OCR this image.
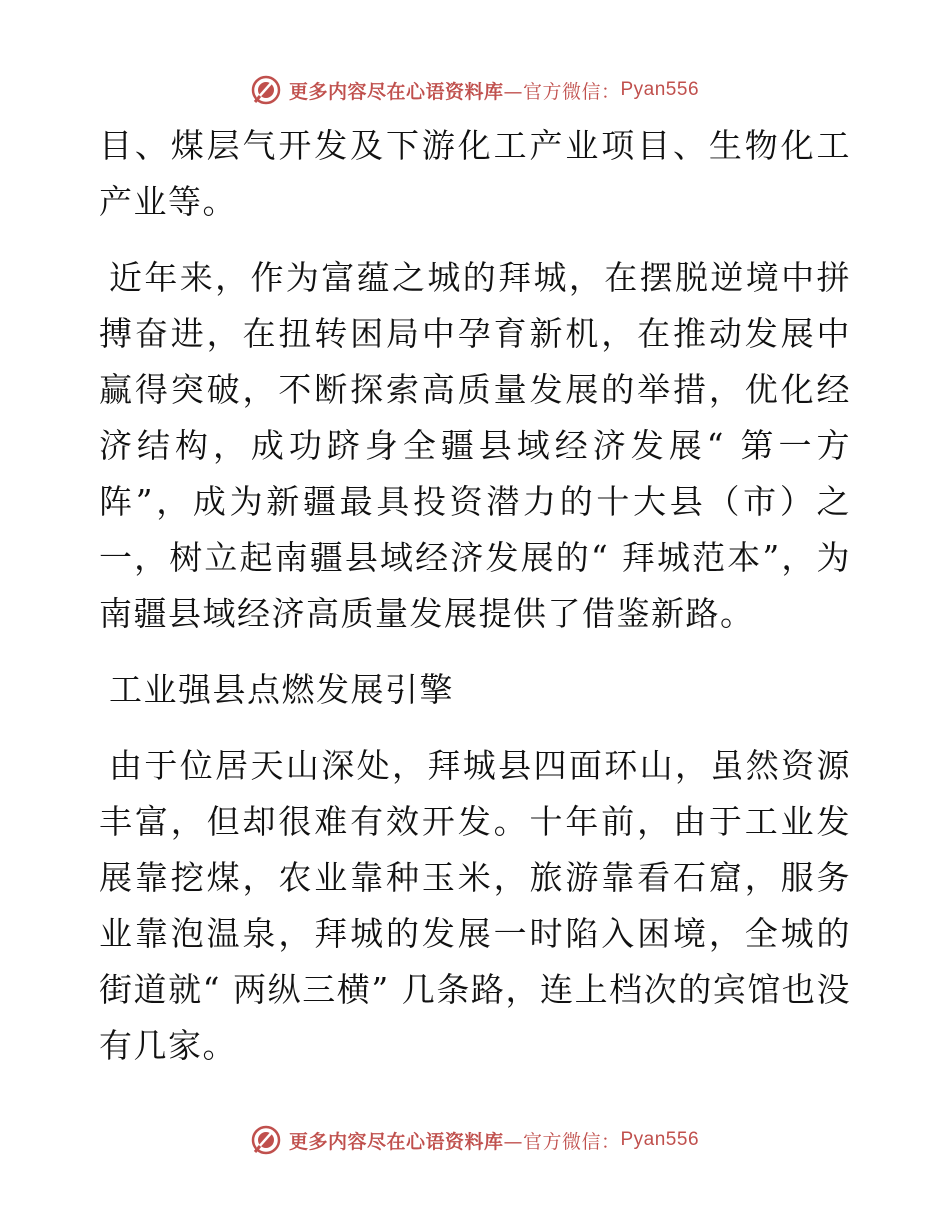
更多内容尽在心语资料库 —官方微信： Pyan556

目、煤层气开发及下游化工产业项目、生物化工产业等。

近年来，作为富蕴之城的拜城，在摆脱逆境中拼搏奋进，在扭转困局中孕育新机，在推动发展中赢得突破，不断探索高质量发展的举措，优化经济结构，成功跻身全疆县域经济发展“ 第一方阵”，成为新疆最具投资潜力的十大县（市）之一，树立起南疆县域经济发展的“ 拜城范本”，为南疆县域经济高质量发展提供了借鉴新路。

工业强县点燃发展引擎

由于位居天山深处，拜城县四面环山，虽然资源丰富，但却很难有效开发。十年前，由于工业发展靠挖煤，农业靠种玉米，旅游靠看石窟，服务业靠泡温泉，拜城的发展一时陷入困境，全城的街道就“ 两纵三横” 几条路，连上档次的宾馆也没有几家。

更多内容尽在心语资料库 —官方微信： Pyan556
